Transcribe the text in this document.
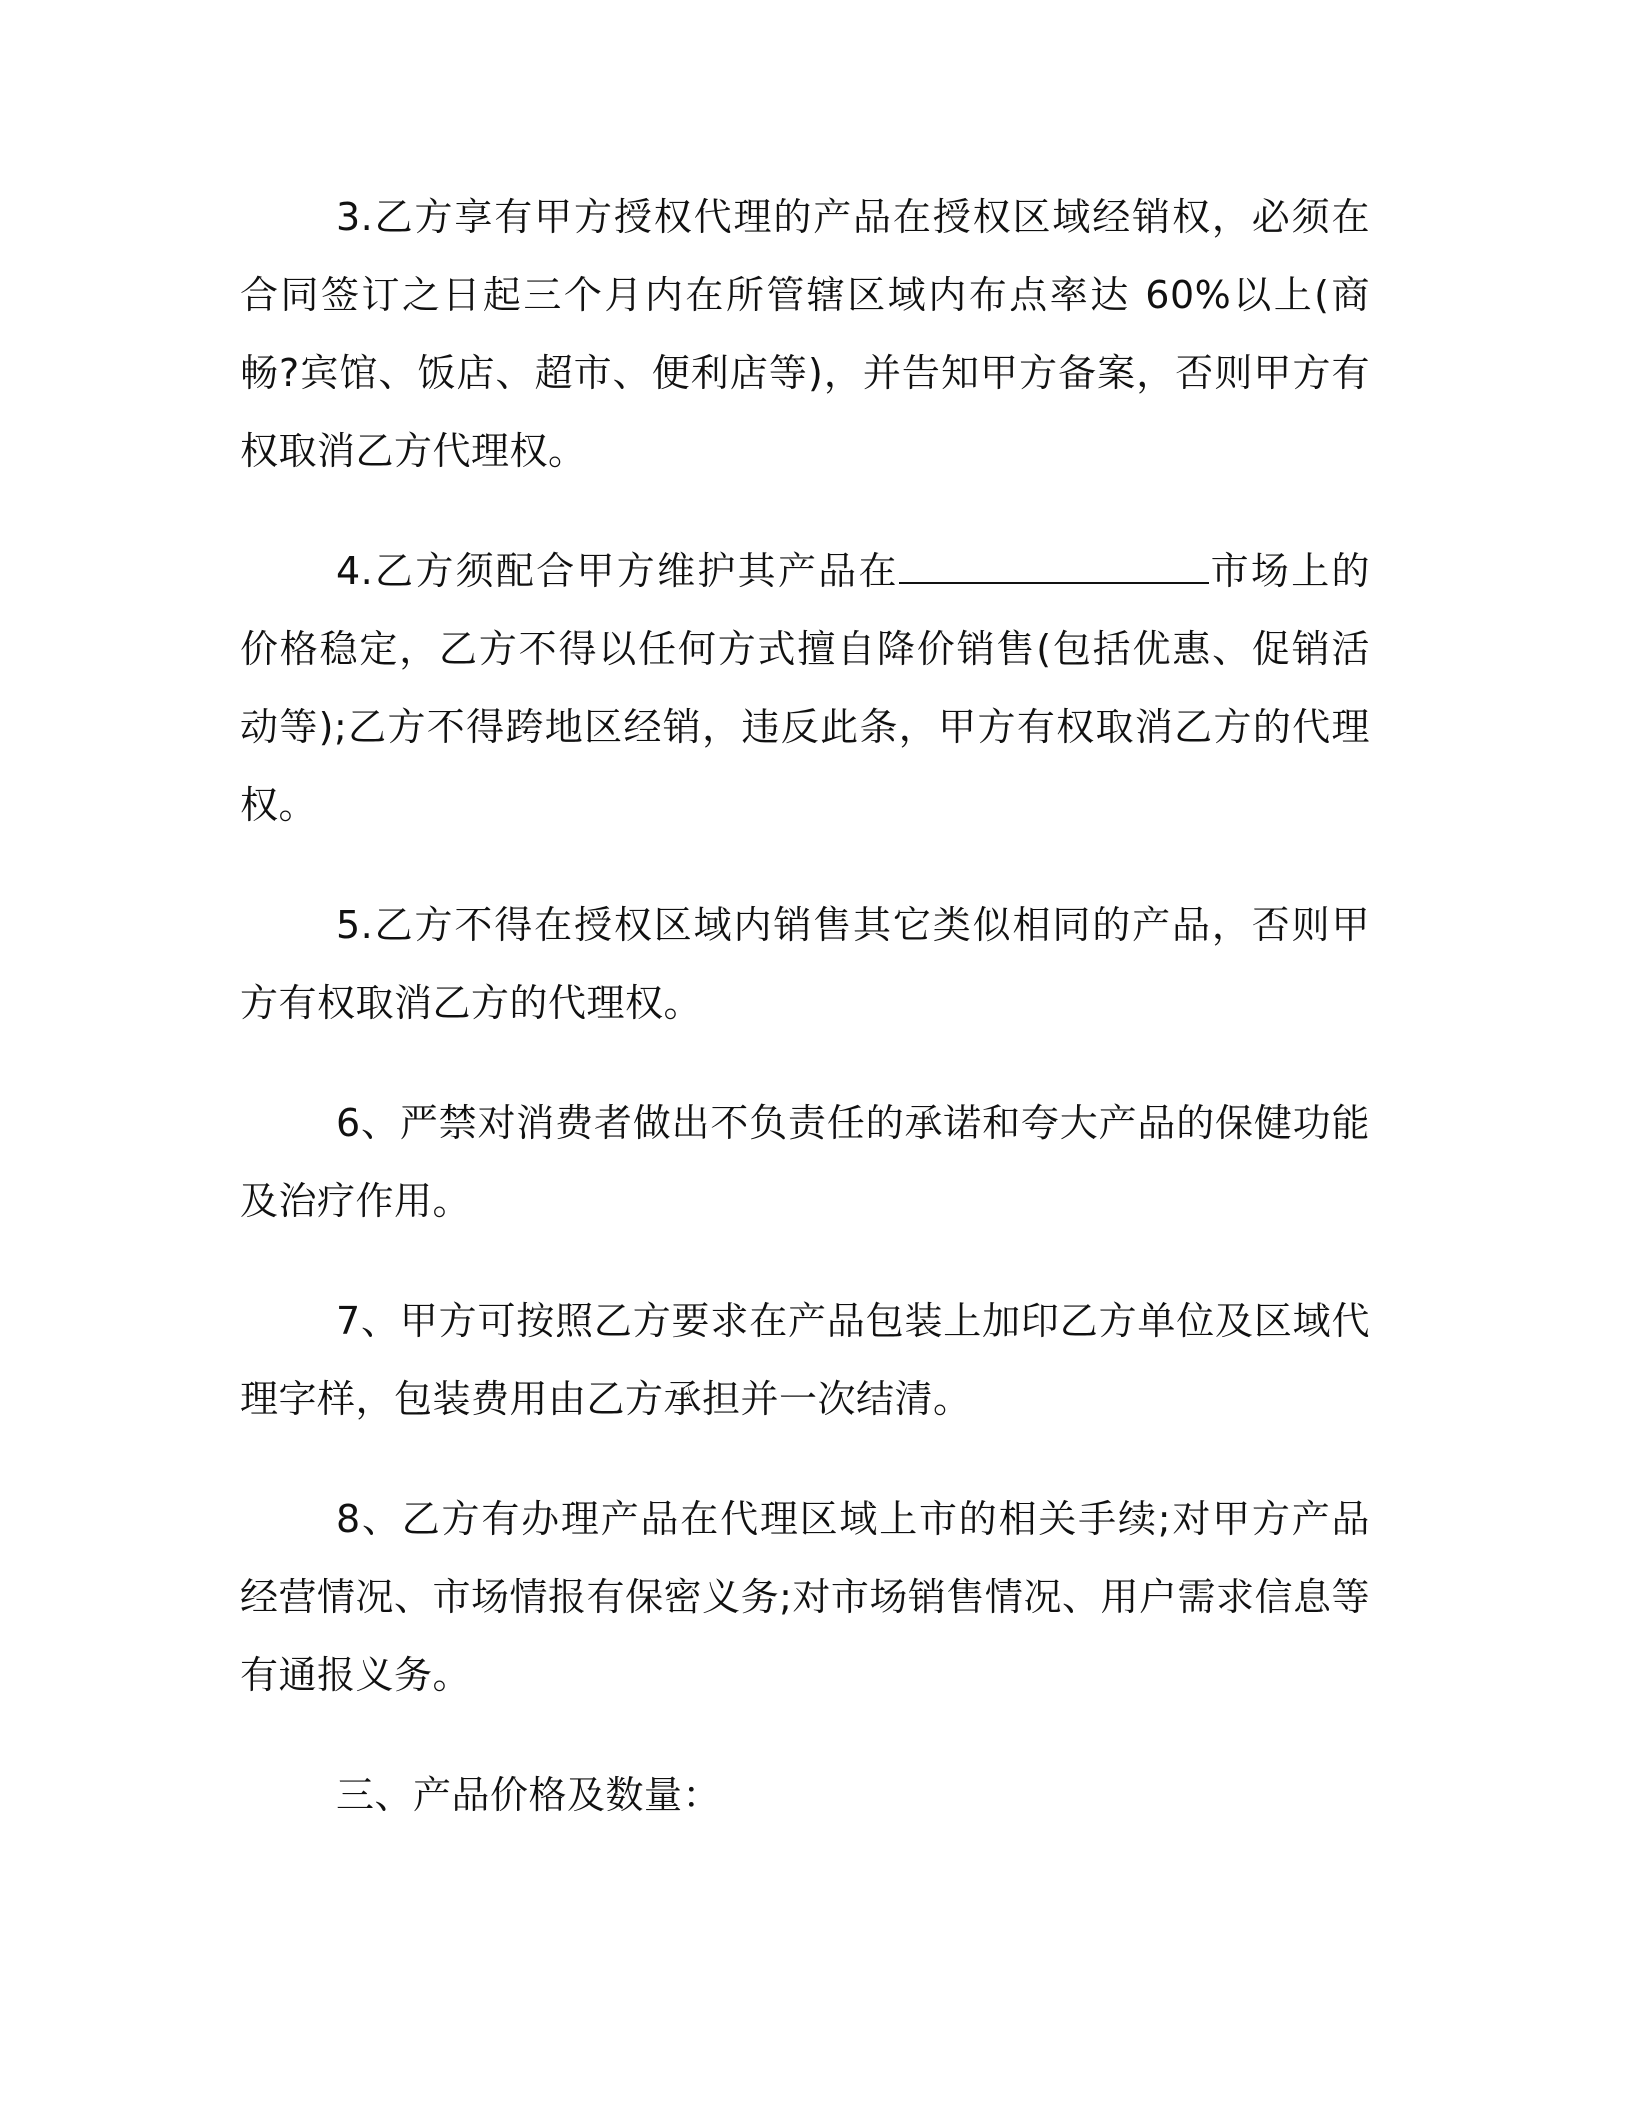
3.乙方享有甲方授权代理的产品在授权区域经销权，必须在合同签订之日起三个月内在所管辖区域内布点率达 60%以上(商畅?宾馆、饭店、超市、便利店等)，并告知甲方备案，否则甲方有权取消乙方代理权。

4.乙方须配合甲方维护其产品在	市场上的价格稳定，乙方不得以任何方式擅自降价销售(包括优惠、促销活动等);乙方不得跨地区经销，违反此条，甲方有权取消乙方的代理权。

5.乙方不得在授权区域内销售其它类似相同的产品，否则甲方有权取消乙方的代理权。

6、严禁对消费者做出不负责任的承诺和夸大产品的保健功能及治疗作用。

7、甲方可按照乙方要求在产品包装上加印乙方单位及区域代理字样，包装费用由乙方承担并一次结清。

8、乙方有办理产品在代理区域上市的相关手续;对甲方产品经营情况、市场情报有保密义务;对市场销售情况、用户需求信息等有通报义务。

三、产品价格及数量：
